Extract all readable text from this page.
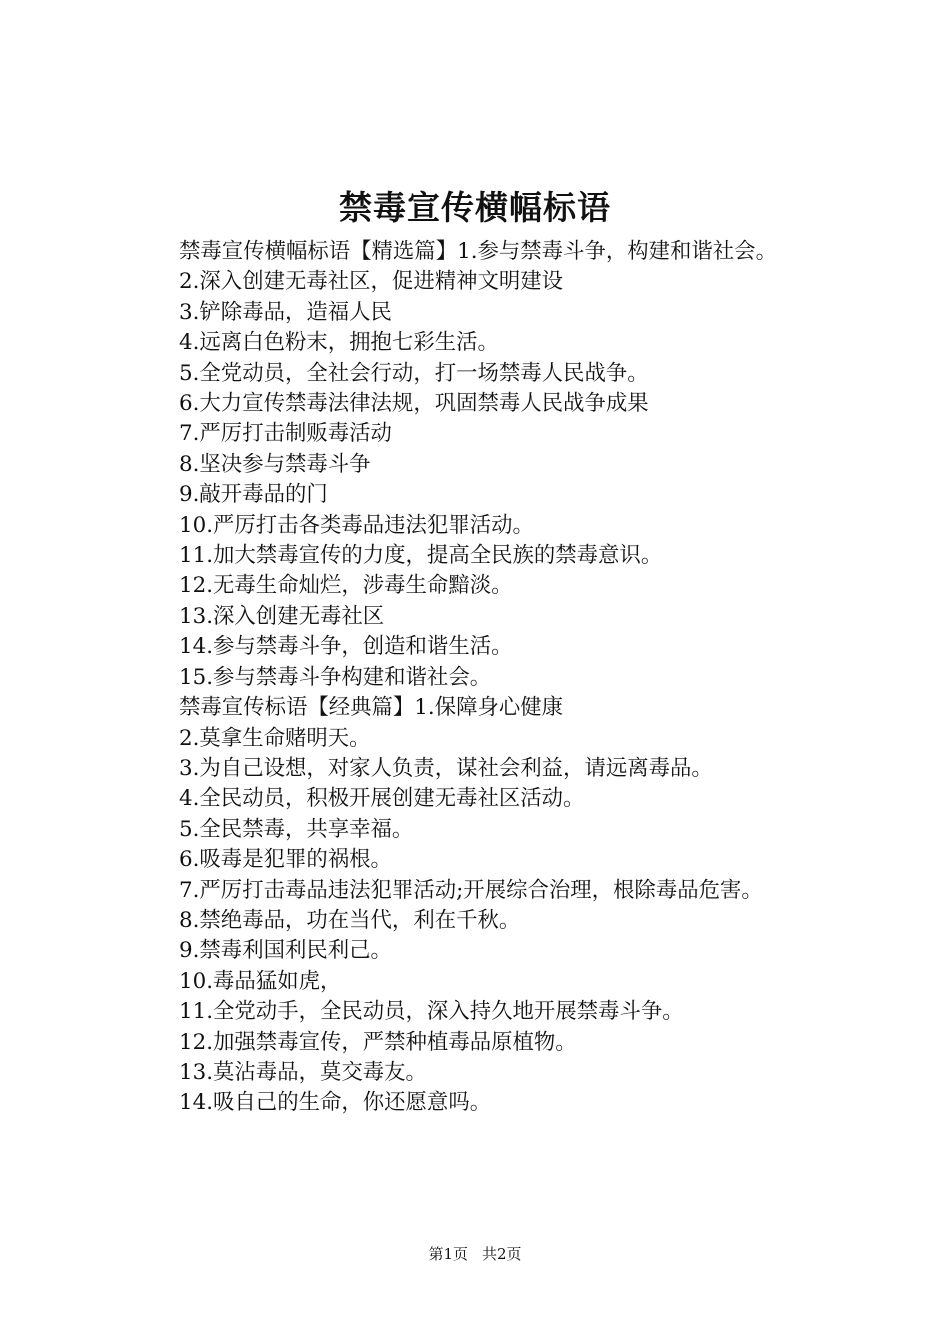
禁毒宣传横幅标语

禁毒宣传横幅标语【精选篇】1.参与禁毒斗争，构建和谐社会。

2.深入创建无毒社区，促进精神文明建设

3.铲除毒品，造福人民

4.远离白色粉末，拥抱七彩生活。

5.全党动员，全社会行动，打一场禁毒人民战争。

6.大力宣传禁毒法律法规，巩固禁毒人民战争成果

7.严厉打击制贩毒活动

8.坚决参与禁毒斗争

9.敲开毒品的门

10.严厉打击各类毒品违法犯罪活动。

11.加大禁毒宣传的力度，提高全民族的禁毒意识。

12.无毒生命灿烂，涉毒生命黯淡。

13.深入创建无毒社区

14.参与禁毒斗争，创造和谐生活。

15.参与禁毒斗争构建和谐社会。

禁毒宣传标语【经典篇】1.保障身心健康

2.莫拿生命赌明天。

3.为自己设想，对家人负责，谋社会利益，请远离毒品。

4.全民动员，积极开展创建无毒社区活动。

5.全民禁毒，共享幸福。

6.吸毒是犯罪的祸根。

7.严厉打击毒品违法犯罪活动;开展综合治理，根除毒品危害。

8.禁绝毒品，功在当代，利在千秋。

9.禁毒利国利民利己。

10.毒品猛如虎，

11.全党动手，全民动员，深入持久地开展禁毒斗争。

12.加强禁毒宣传，严禁种植毒品原植物。

13.莫沾毒品，莫交毒友。

14.吸自己的生命，你还愿意吗。

第1页 共2页
